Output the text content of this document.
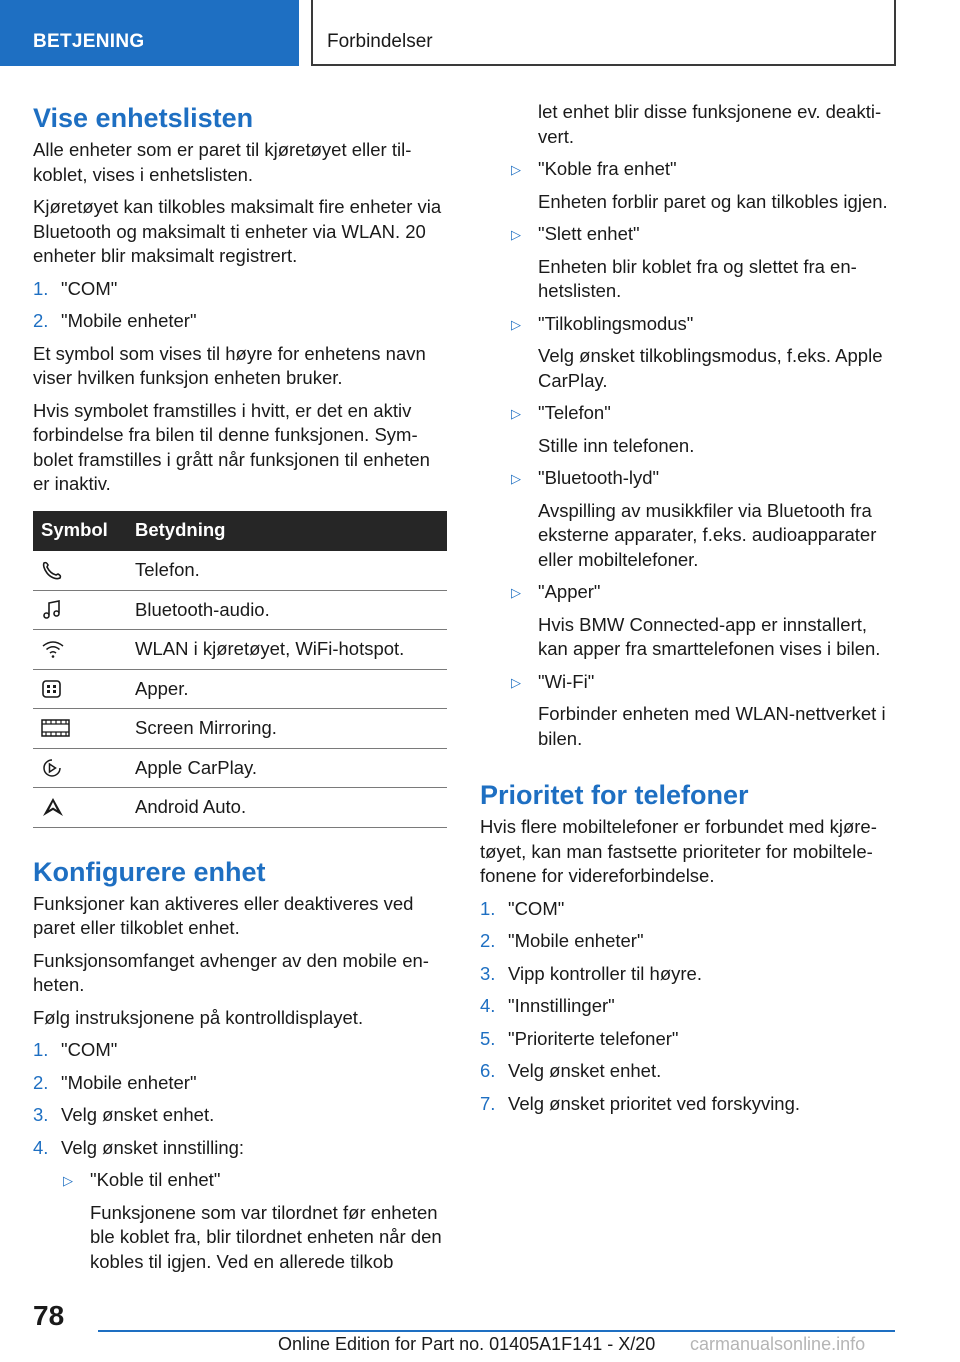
BETJENING	Forbindelser
Vise enhetslisten

Alle enheter som er paret til kjøretøyet eller tilkoblet, vises i enhetslisten.

Kjøretøyet kan tilkobles maksimalt fire enheter via Bluetooth og maksimalt ti enheter via WLAN. 20 enheter blir maksimalt registrert.

1. "COM"
2. "Mobile enheter"

Et symbol som vises til høyre for enhetens navn viser hvilken funksjon enheten bruker.

Hvis symbolet framstilles i hvitt, er det en aktiv forbindelse fra bilen til denne funksjonen. Symbolet framstilles i grått når funksjonen til enheten er inaktiv.

Symbol	Betydning

	Telefon.

	Bluetooth-audio.

	WLAN i kjøretøyet, WiFi-hotspot.

	Apper.

	Screen Mirroring.

	Apple CarPlay.

	Android Auto.
Konfigurere enhet

Funksjoner kan aktiveres eller deaktiveres ved paret eller tilkoblet enhet.

Funksjonsomfanget avhenger av den mobile enheten.

Følg instruksjonene på kontrolldisplayet.

1. "COM"
2. "Mobile enheter"
3. Velg ønsket enhet.
4. Velg ønsket innstilling:
▷ "Koble til enhet"
Funksjonene som var tilordnet før enheten ble koblet fra, blir tilordnet enheten når den kobles til igjen. Ved en allerede tilkob

let enhet blir disse funksjonene ev. deaktivert.

▷ "Koble fra enhet"
Enheten forblir paret og kan tilkobles igjen.
▷ "Slett enhet"
Enheten blir koblet fra og slettet fra enhetslisten.
▷ "Tilkoblingsmodus"
Velg ønsket tilkoblingsmodus, f.eks. Apple CarPlay.
▷ "Telefon"
Stille inn telefonen.
▷ "Bluetooth-lyd"
Avspilling av musikkfiler via Bluetooth fra eksterne apparater, f.eks. audioapparater eller mobiltelefoner.
▷ "Apper"
Hvis BMW Connected-app er innstallert, kan apper fra smarttelefonen vises i bilen.
▷ "Wi-Fi"
Forbinder enheten med WLAN-nettverket i bilen.
Prioritet for telefoner

Hvis flere mobiltelefoner er forbundet med kjøretøyet, kan man fastsette prioriteter for mobiltelefonene for videreforbindelse.

1. "COM"
2. "Mobile enheter"
3. Vipp kontroller til høyre.
4. "Innstillinger"
5. "Prioriterte telefoner"
6. Velg ønsket enhet.
7. Velg ønsket prioritet ved forskyving.
78
Online Edition for Part no. 01405A1F141 - X/20 carmanualsonline.info
